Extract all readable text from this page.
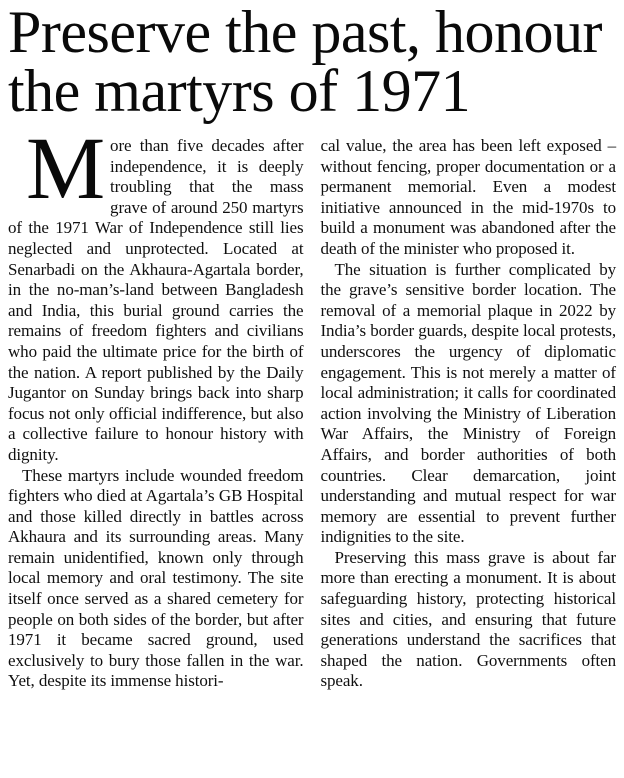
Preserve the past, honour
the martyrs of 1971

More than five decades after independence, it is deeply troubling that the mass grave of around 250 martyrs of the 1971 War of Independence still lies neglected and unprotected. Located at Senarbadi on the Akhaura-Agartala border, in the no-man’s-land between Bangladesh and India, this burial ground carries the remains of freedom fighters and civilians who paid the ultimate price for the birth of the nation. A report published by the Daily Jugantor on Sunday brings back into sharp focus not only official indifference, but also a collective failure to honour history with dignity.

These martyrs include wounded freedom fighters who died at Agartala’s GB Hospital and those killed directly in battles across Akhaura and its surrounding areas. Many remain unidentified, known only through local memory and oral testimony. The site itself once served as a shared cemetery for people on both sides of the border, but after 1971 it became sacred ground, used exclusively to bury those fallen in the war. Yet, despite its immense histori-

cal value, the area has been left exposed – without fencing, proper documentation or a permanent memorial. Even a modest initiative announced in the mid-1970s to build a monument was abandoned after the death of the minister who proposed it.

The situation is further complicated by the grave’s sensitive border location. The removal of a memorial plaque in 2022 by India’s border guards, despite local protests, underscores the urgency of diplomatic engagement. This is not merely a matter of local administration; it calls for coordinated action involving the Ministry of Liberation War Affairs, the Ministry of Foreign Affairs, and border authorities of both countries. Clear demarcation, joint understanding and mutual respect for war memory are essential to prevent further indignities to the site.

Preserving this mass grave is about far more than erecting a monument. It is about safeguarding history, protecting historical sites and cities, and ensuring that future generations understand the sacrifices that shaped the nation. Governments often speak.
